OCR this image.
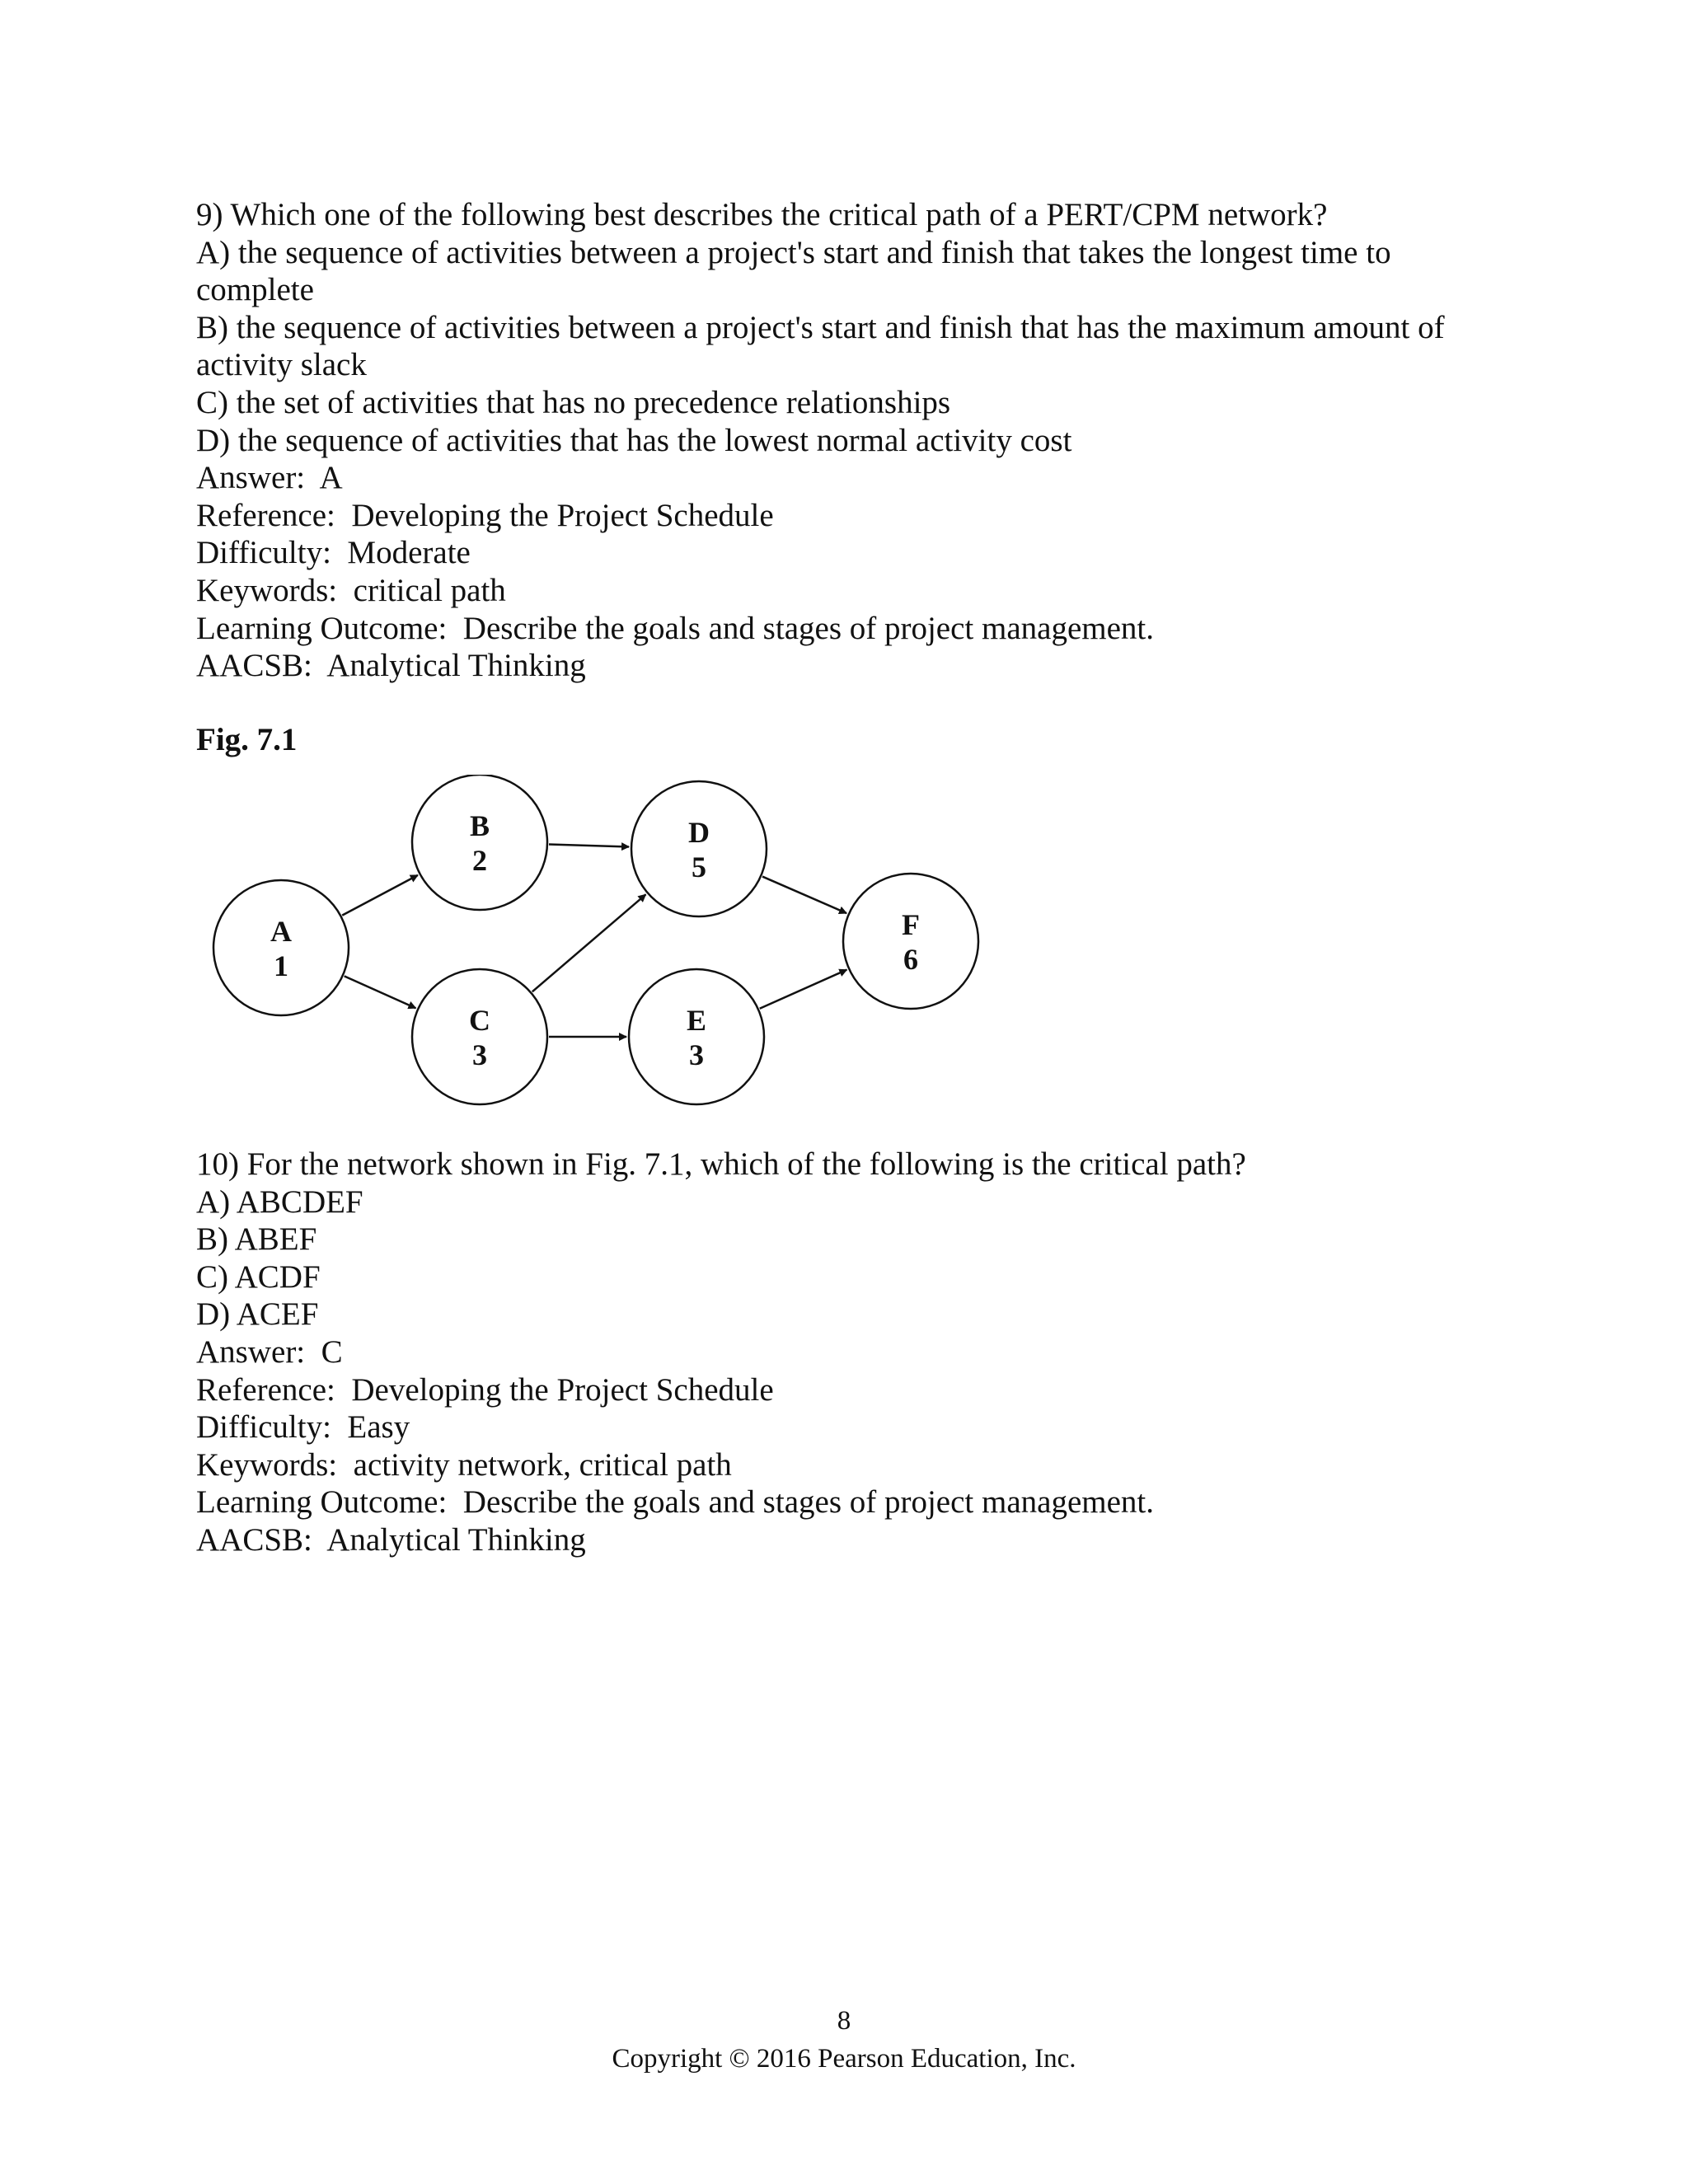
9) Which one of the following best describes the critical path of a PERT/CPM network?

A) the sequence of activities between a project's start and finish that takes the longest time to

complete

B) the sequence of activities between a project's start and finish that has the maximum amount of

activity slack

C) the set of activities that has no precedence relationships

D) the sequence of activities that has the lowest normal activity cost

Answer:  A

Reference:  Developing the Project Schedule

Difficulty:  Moderate

Keywords:  critical path

Learning Outcome:  Describe the goals and stages of project management.

AACSB:  Analytical Thinking

Fig. 7.1
A
1
B
2
C
3
D
5
E
3
F
6

10) For the network shown in Fig. 7.1, which of the following is the critical path?

A) ABCDEF

B) ABEF

C) ACDF

D) ACEF

Answer:  C

Reference:  Developing the Project Schedule

Difficulty:  Easy

Keywords:  activity network, critical path

Learning Outcome:  Describe the goals and stages of project management.

AACSB:  Analytical Thinking

8
Copyright © 2016 Pearson Education, Inc.
